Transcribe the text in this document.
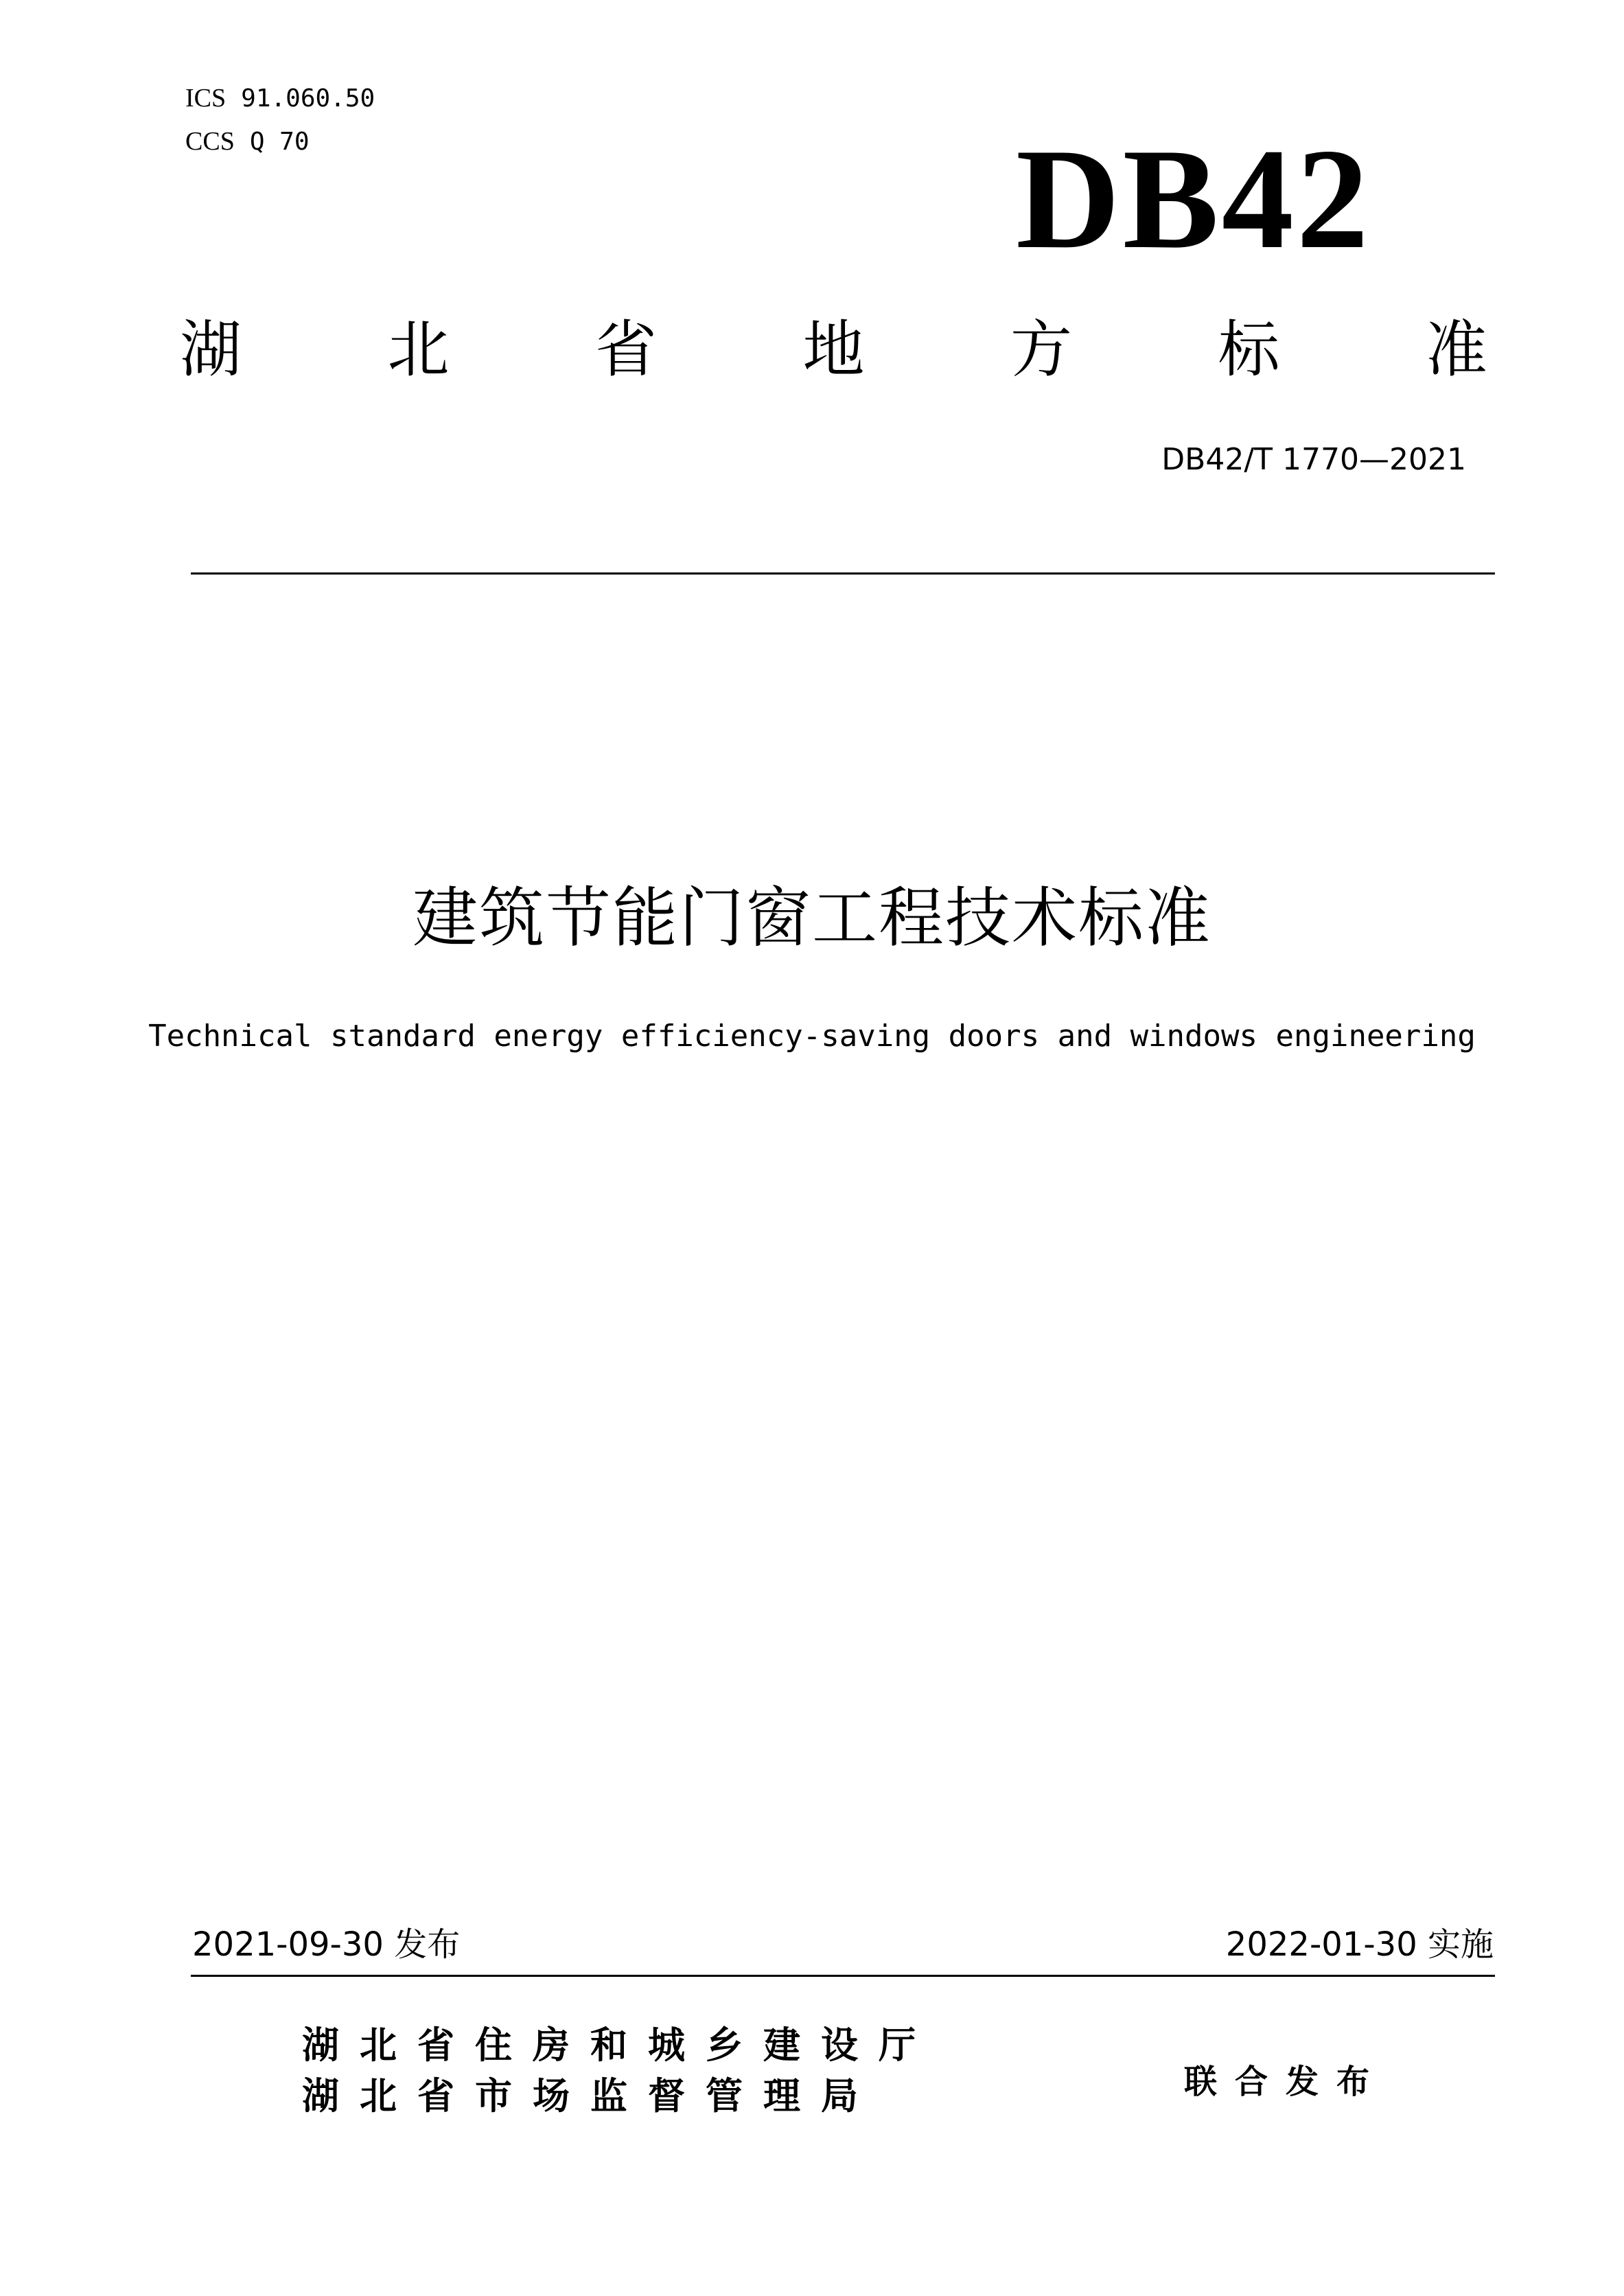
ICS 91.060.50
CCS Q 70	DB42
湖 北 省 地 方 标 准
DB42/T 1770—2021
建筑节能门窗工程技术标准
Technical standard energy efficiency-saving doors and windows engineering
2021-09-30 发布	2022-01-30 实施
湖北省住房和城乡建设厅
湖北省市场监督管理局	联合发布
